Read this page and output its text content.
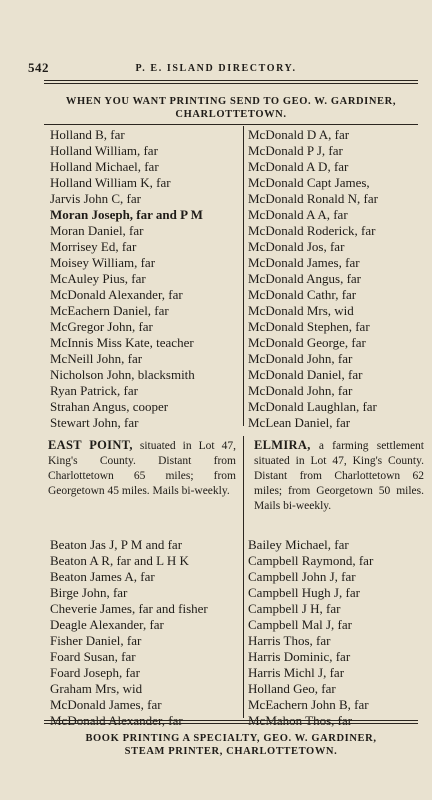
542	P. E. ISLAND DIRECTORY.
WHEN YOU WANT PRINTING SEND TO GEO. W. GARDINER,
CHARLOTTETOWN.
Holland B, far
Holland William, far
Holland Michael, far
Holland William K, far
Jarvis John C, far
Moran Joseph, far and P M
Moran Daniel, far
Morrisey Ed, far
Moisey William, far
McAuley Pius, far
McDonald Alexander, far
McEachern Daniel, far
McGregor John, far
McInnis Miss Kate, teacher
McNeill John, far
Nicholson John, blacksmith
Ryan Patrick, far
Strahan Angus, cooper
Stewart John, far
McDonald D A, far
McDonald P J, far
McDonald A D, far
McDonald Capt James,
McDonald Ronald N, far
McDonald A A, far
McDonald Roderick, far
McDonald Jos, far
McDonald James, far
McDonald Angus, far
McDonald Cathr, far
McDonald Mrs, wid
McDonald Stephen, far
McDonald George, far
McDonald John, far
McDonald Daniel, far
McDonald John, far
McDonald Laughlan, far
McLean Daniel, far
EAST POINT, situated in Lot 47, King's County. Distant from Charlottetown 65 miles; from Georgetown 45 miles. Mails bi-weekly.
ELMIRA, a farming settlement situated in Lot 47, King's County. Distant from Charlottetown 62 miles; from Georgetown 50 miles. Mails bi-weekly.
Beaton Jas J, P M and far
Beaton A R, far and L H K
Beaton James A, far
Birge John, far
Cheverie James, far and fisher
Deagle Alexander, far
Fisher Daniel, far
Foard Susan, far
Foard Joseph, far
Graham Mrs, wid
McDonald James, far
McDonald Alexander, far
Bailey Michael, far
Campbell Raymond, far
Campbell John J, far
Campbell Hugh J, far
Campbell J H, far
Campbell Mal J, far
Harris Thos, far
Harris Dominic, far
Harris Michl J, far
Holland Geo, far
McEachern John B, far
McMahon Thos, far
BOOK PRINTING A SPECIALTY, GEO. W. GARDINER,
STEAM PRINTER, CHARLOTTETOWN.
